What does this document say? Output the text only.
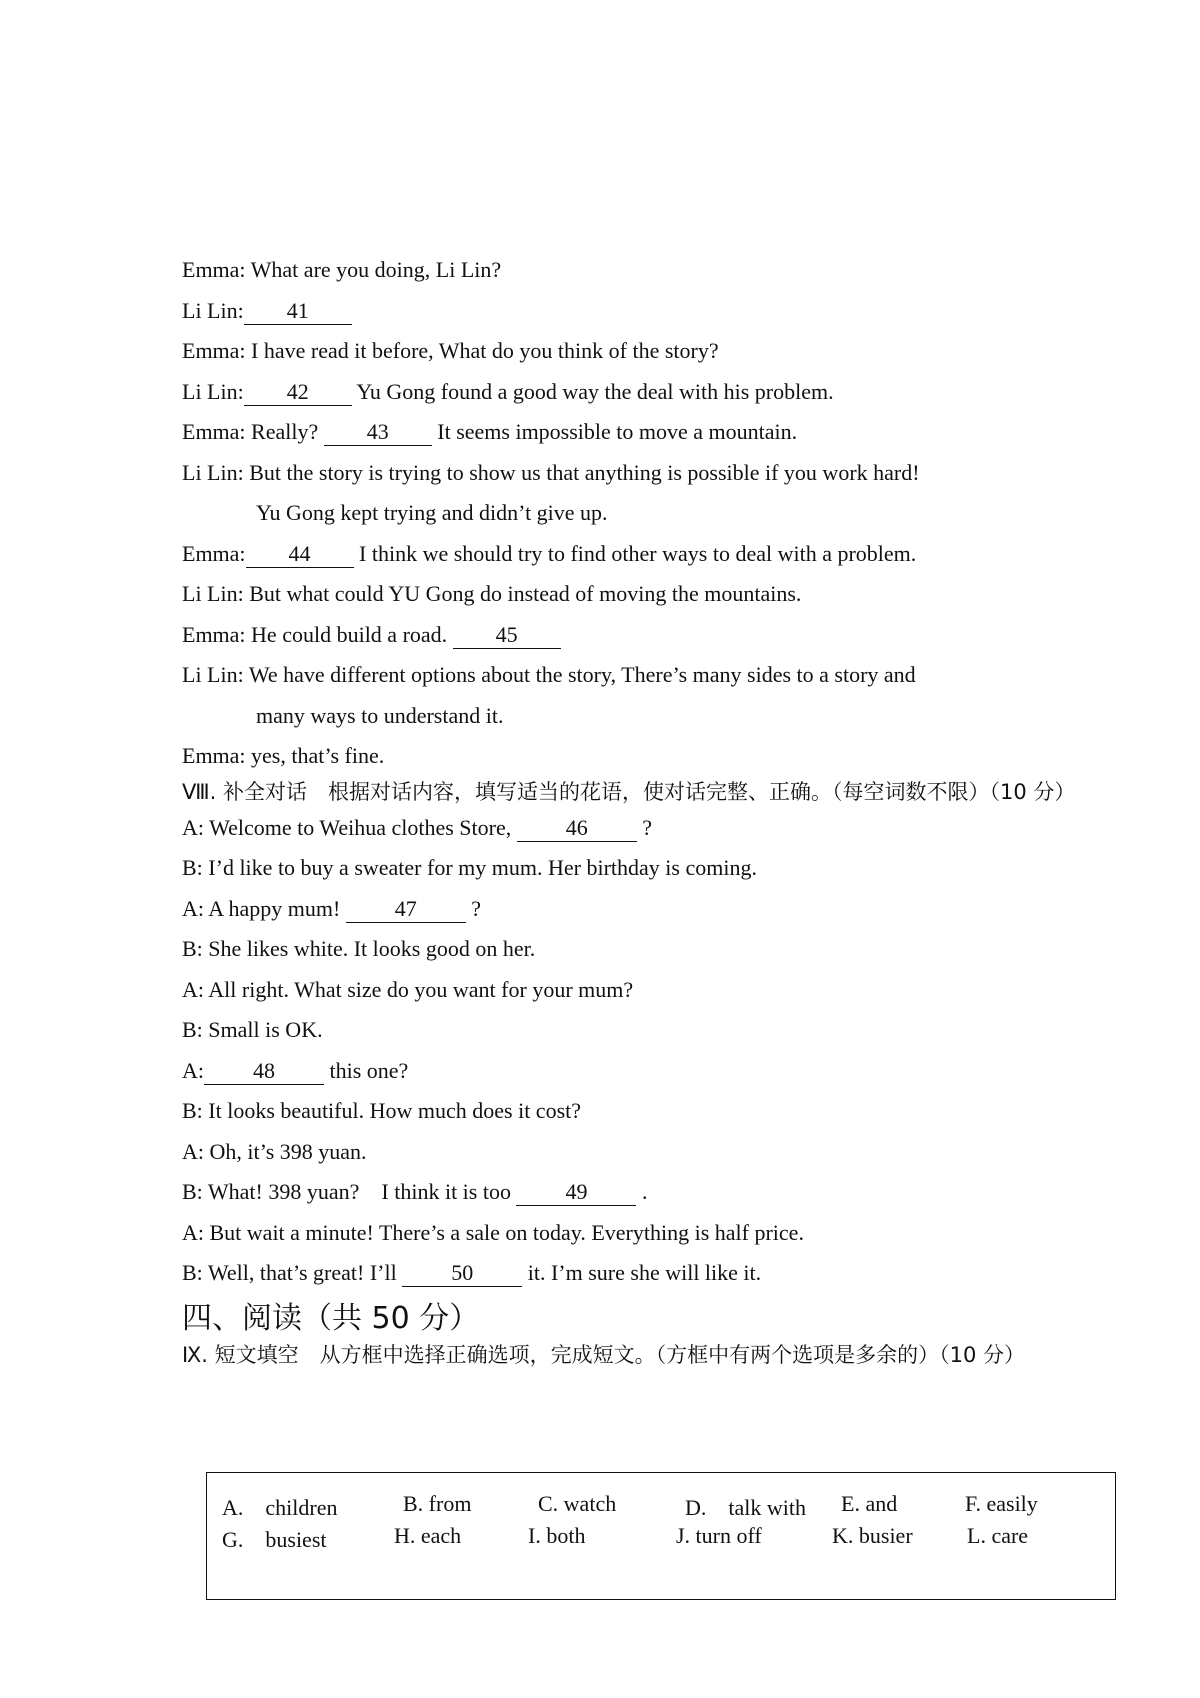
Emma: What are you doing, Li Lin?
Li Lin: 41
Emma: I have read it before, What do you think of the story?
Li Lin: 42 Yu Gong found a good way the deal with his problem.
Emma: Really? 43 It seems impossible to move a mountain.
Li Lin: But the story is trying to show us that anything is possible if you work hard!
Yu Gong kept trying and didn’t give up.
Emma: 44 I think we should try to find other ways to deal with a problem.
Li Lin: But what could YU Gong do instead of moving the mountains.
Emma: He could build a road. 45
Li Lin: We have different options about the story, There’s many sides to a story and
many ways to understand it.
Emma: yes, that’s fine.
Ⅷ. 补全对话　根据对话内容，填写适当的花语，使对话完整、正确。（每空词数不限）（10 分）
A: Welcome to Weihua clothes Store, 46 ?
B: I’d like to buy a sweater for my mum. Her birthday is coming.
A: A happy mum! 47 ?
B: She likes white. It looks good on her.
A: All right. What size do you want for your mum?
B: Small is OK.
A: 48 this one?
B: It looks beautiful. How much does it cost?
A: Oh, it’s 398 yuan.
B: What! 398 yuan?　I think it is too 49 .
A: But wait a minute! There’s a sale on today. Everything is half price.
B: Well, that’s great! I’ll 50 it. I’m sure she will like it.
四、阅读（共 50 分）
Ⅸ. 短文填空　从方框中选择正确选项，完成短文。（方框中有两个选项是多余的）（10 分）
A.　children	B. from	C. watch	D.　talk with E. and	F. easily
G.　busiest	H. each	I. both	J. turn off	K. busier L. care
